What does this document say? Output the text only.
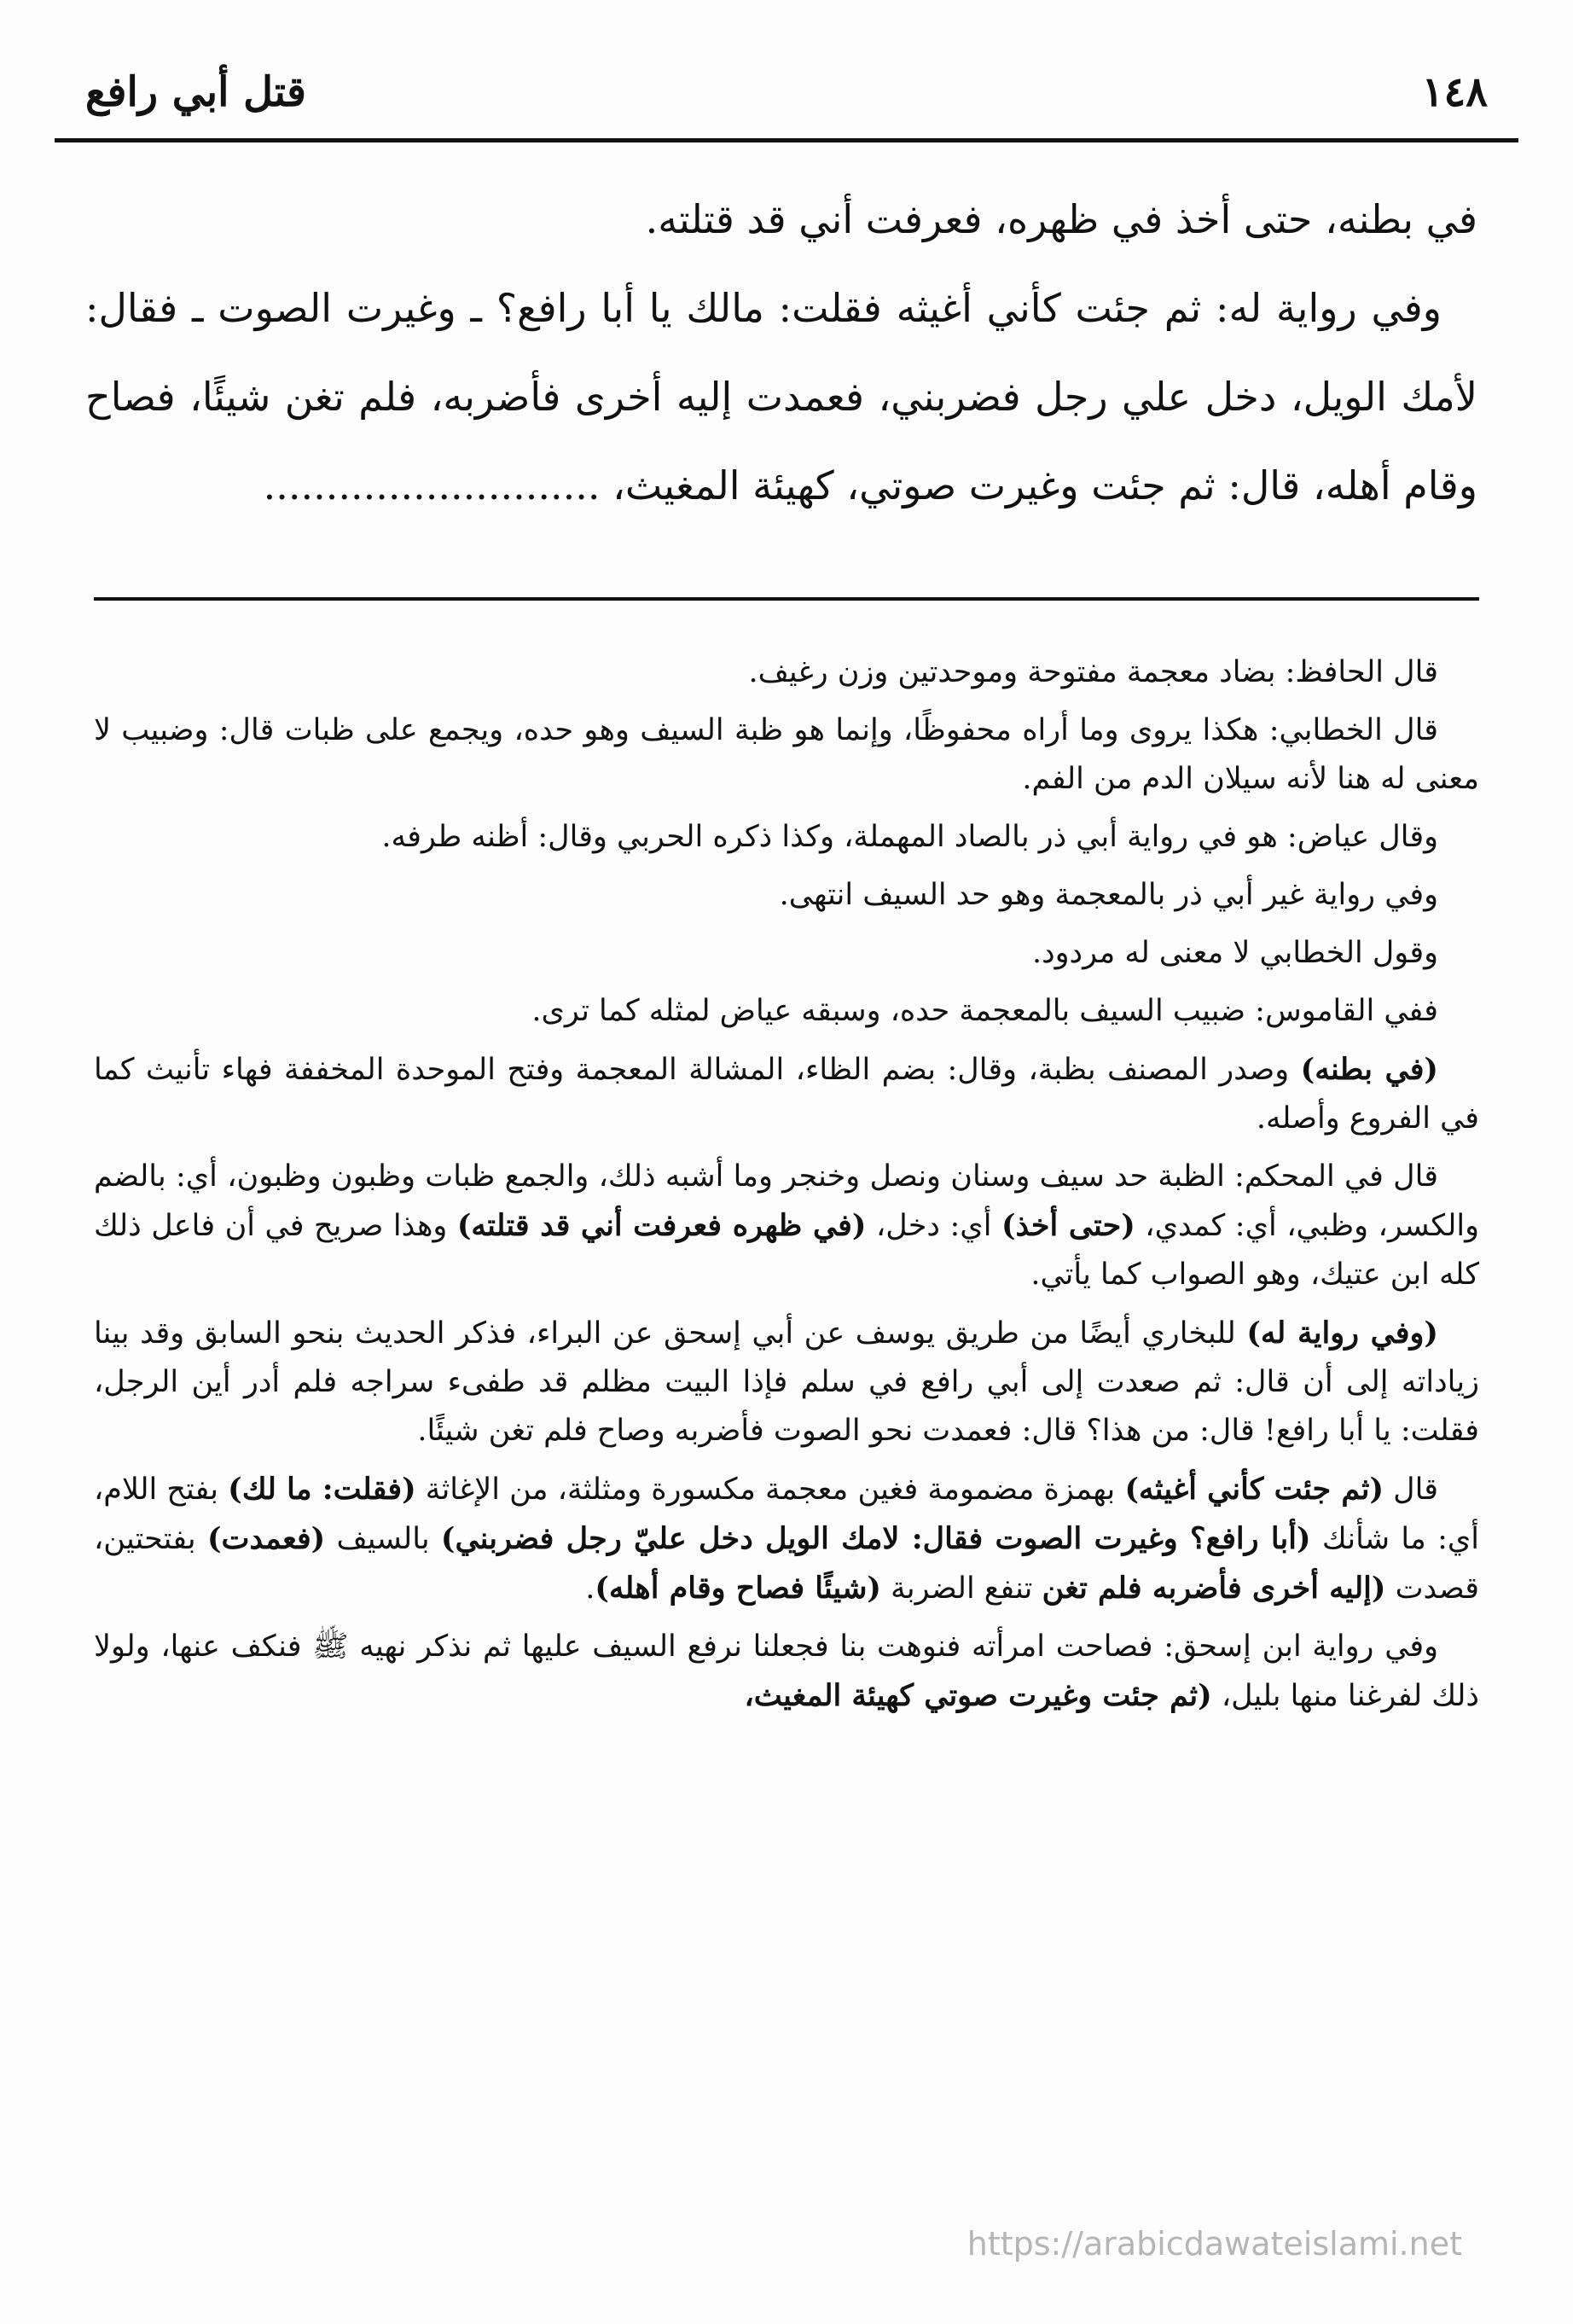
١٤٨
قتل أبي رافع

في بطنه، حتى أخذ في ظهره، فعرفت أني قد قتلته.

وفي رواية له: ثم جئت كأني أغيثه فقلت: مالك يا أبا رافع؟ ـ وغيرت الصوت ـ فقال: لأمك الويل، دخل علي رجل فضربني، فعمدت إليه أخرى فأضربه، فلم تغن شيئًا، فصاح وقام أهله، قال: ثم جئت وغيرت صوتي، كهيئة المغيث، ...........................

قال الحافظ: بضاد معجمة مفتوحة وموحدتين وزن رغيف.

قال الخطابي: هكذا يروى وما أراه محفوظًا، وإنما هو ظبة السيف وهو حده، ويجمع على ظبات قال: وضبيب لا معنى له هنا لأنه سيلان الدم من الفم.

وقال عياض: هو في رواية أبي ذر بالصاد المهملة، وكذا ذكره الحربي وقال: أظنه طرفه.

وفي رواية غير أبي ذر بالمعجمة وهو حد السيف انتهى.

وقول الخطابي لا معنى له مردود.

ففي القاموس: ضبيب السيف بالمعجمة حده، وسبقه عياض لمثله كما ترى.

(في بطنه) وصدر المصنف بظبة، وقال: بضم الظاء، المشالة المعجمة وفتح الموحدة المخففة فهاء تأنيث كما في الفروع وأصله.

قال في المحكم: الظبة حد سيف وسنان ونصل وخنجر وما أشبه ذلك، والجمع ظبات وظبون وظبون، أي: بالضم والكسر، وظبي، أي: كمدي، (حتى أخذ) أي: دخل، (في ظهره فعرفت أني قد قتلته) وهذا صريح في أن فاعل ذلك كله ابن عتيك، وهو الصواب كما يأتي.

(وفي رواية له) للبخاري أيضًا من طريق يوسف عن أبي إسحق عن البراء، فذكر الحديث بنحو السابق وقد بينا زياداته إلى أن قال: ثم صعدت إلى أبي رافع في سلم فإذا البيت مظلم قد طفىء سراجه فلم أدر أين الرجل، فقلت: يا أبا رافع! قال: من هذا؟ قال: فعمدت نحو الصوت فأضربه وصاح فلم تغن شيئًا.

قال (ثم جئت كأني أغيثه) بهمزة مضمومة فغين معجمة مكسورة ومثلثة، من الإغاثة (فقلت: ما لك) بفتح اللام، أي: ما شأنك (أبا رافع؟ وغيرت الصوت فقال: لامك الويل دخل عليّ رجل فضربني) بالسيف (فعمدت) بفتحتين، قصدت (إليه أخرى فأضربه فلم تغن تنفع الضربة (شيئًا فصاح وقام أهله).

وفي رواية ابن إسحق: فصاحت امرأته فنوهت بنا فجعلنا نرفع السيف عليها ثم نذكر نهيه ﷺ فنكف عنها، ولولا ذلك لفرغنا منها بليل، (ثم جئت وغيرت صوتي كهيئة المغيث،

https://arabicdawateislami.net
